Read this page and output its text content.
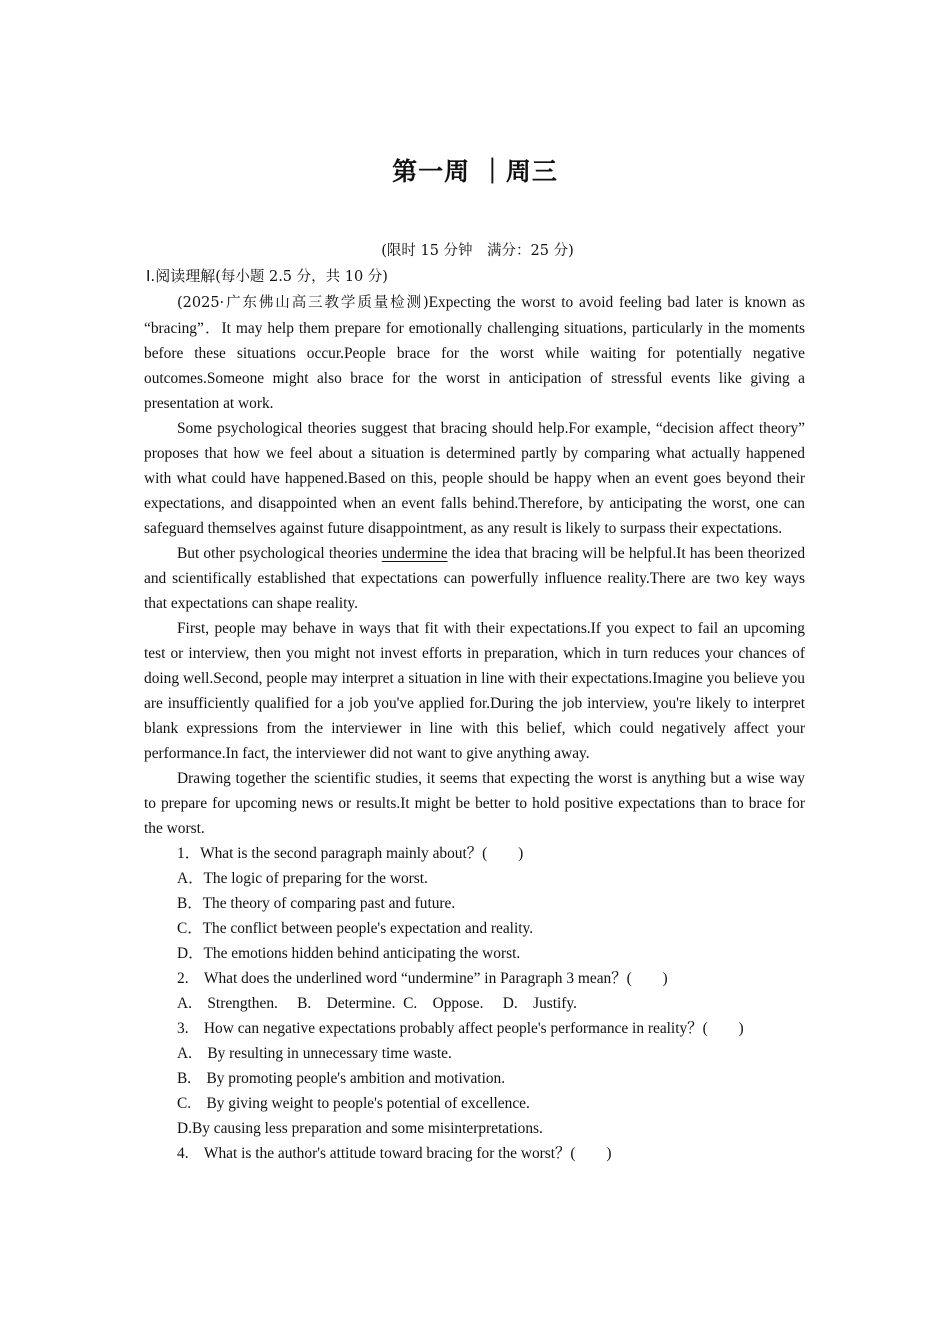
第一周 ｜周三
(限时 15 分钟　满分：25 分)
Ⅰ.阅读理解(每小题 2.5 分，共 10 分)

(2025·广东佛山高三教学质量检测)Expecting the worst to avoid feeling bad later is known as “bracing”．It may help them prepare for emotionally challenging situations, particularly in the moments before these situations occur.People brace for the worst while waiting for potentially negative outcomes.Someone might also brace for the worst in anticipation of stressful events like giving a presentation at work.

Some psychological theories suggest that bracing should help.For example, “decision affect theory” proposes that how we feel about a situation is determined partly by comparing what actually happened with what could have happened.Based on this, people should be happy when an event goes beyond their expectations, and disappointed when an event falls behind.Therefore, by anticipating the worst, one can safeguard themselves against future disappointment, as any result is likely to surpass their expectations.

But other psychological theories undermine the idea that bracing will be helpful.It has been theorized and scientifically established that expectations can powerfully influence reality.There are two key ways that expectations can shape reality.

First, people may behave in ways that fit with their expectations.If you expect to fail an upcoming test or interview, then you might not invest efforts in preparation, which in turn reduces your chances of doing well.Second, people may interpret a situation in line with their expectations.Imagine you believe you are insufficiently qualified for a job you've applied for.During the job interview, you're likely to interpret blank expressions from the interviewer in line with this belief, which could negatively affect your performance.In fact, the interviewer did not want to give anything away.

Drawing together the scientific studies, it seems that expecting the worst is anything but a wise way to prepare for upcoming news or results.It might be better to hold positive expectations than to brace for the worst.

1．What is the second paragraph mainly about？(　　)

A．The logic of preparing for the worst.

B．The theory of comparing past and future.

C．The conflict between people's expectation and reality.

D．The emotions hidden behind anticipating the worst.

2.　What does the underlined word “undermine” in Paragraph 3 mean？(　　)

A.　Strengthen.　 B.　Determine.  C.　Oppose.　 D.　Justify.

3.　How can negative expectations probably affect people's performance in reality？(　　)

A.　By resulting in unnecessary time waste.

B.　By promoting people's ambition and motivation.

C.　By giving weight to people's potential of excellence.

D.By causing less preparation and some misinterpretations.

4.　What is the author's attitude toward bracing for the worst？(　　)
